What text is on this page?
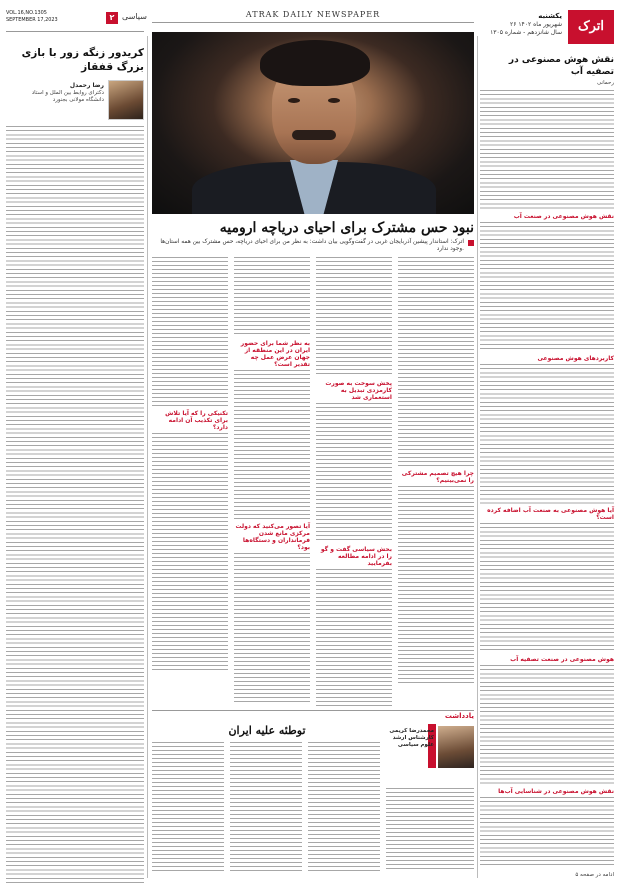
VOL.16,NO.1305
SEPTEMBER 17,2023	۲ سیاسی	ATRAK DAILY NEWSPAPER
اترک
یکشنبه
۲۶ شهریور ماه ۱۴۰۲
سال شانزدهم - شماره ۱۳۰۵
کریدور زنگه زور با بازی بزرگ قفقاز
رضا رحمدل
دکترای روابط بین الملل و استاد دانشگاه مولانی بجنورد
نبود حس مشترک برای احیای دریاچه ارومیه
اترک: استاندار پیشین آذربایجان غربی در گفت‌وگویی بیان داشت: به نظر من برای احیای دریاچه، حس مشترک بین همه استان‌ها وجود ندارد.
چرا هیچ تصمیم مشترکی را نمی‌بینیم؟
پخش سوخت به صورت کارمزدی تبدیل به استعماری شد
بحش سیاسی گفت و گو را در ادامه مطالعه بفرمایید
به نظر شما برای حضور ایران در این منطقه از جهان عرض عمل چه تقدیر است؟
آیا تصور می‌کنید که دولت مرکزی مانع شدن فرمانداران و دستگاه‌ها بود؟
تکنیکی را که آیا تلاش برای تکذیب آن ادامه دارد؟
یادداشت
توطئه علیه ایران	محمدرضا کریمی کارشناس ارشد علوم سیاسی
نقش هوش مصنوعی در تصفیه آب
رحمانی
نقش هوش مصنوعی در صنعت آب
کاربردهای هوش مصنوعی
آیا هوش مصنوعی به صنعت آب اضافه کرده است؟
هوش مصنوعی در صنعت تصفیه آب
نقش هوش مصنوعی در شناسایی آب‌ها
ادامه در صفحه ۵
